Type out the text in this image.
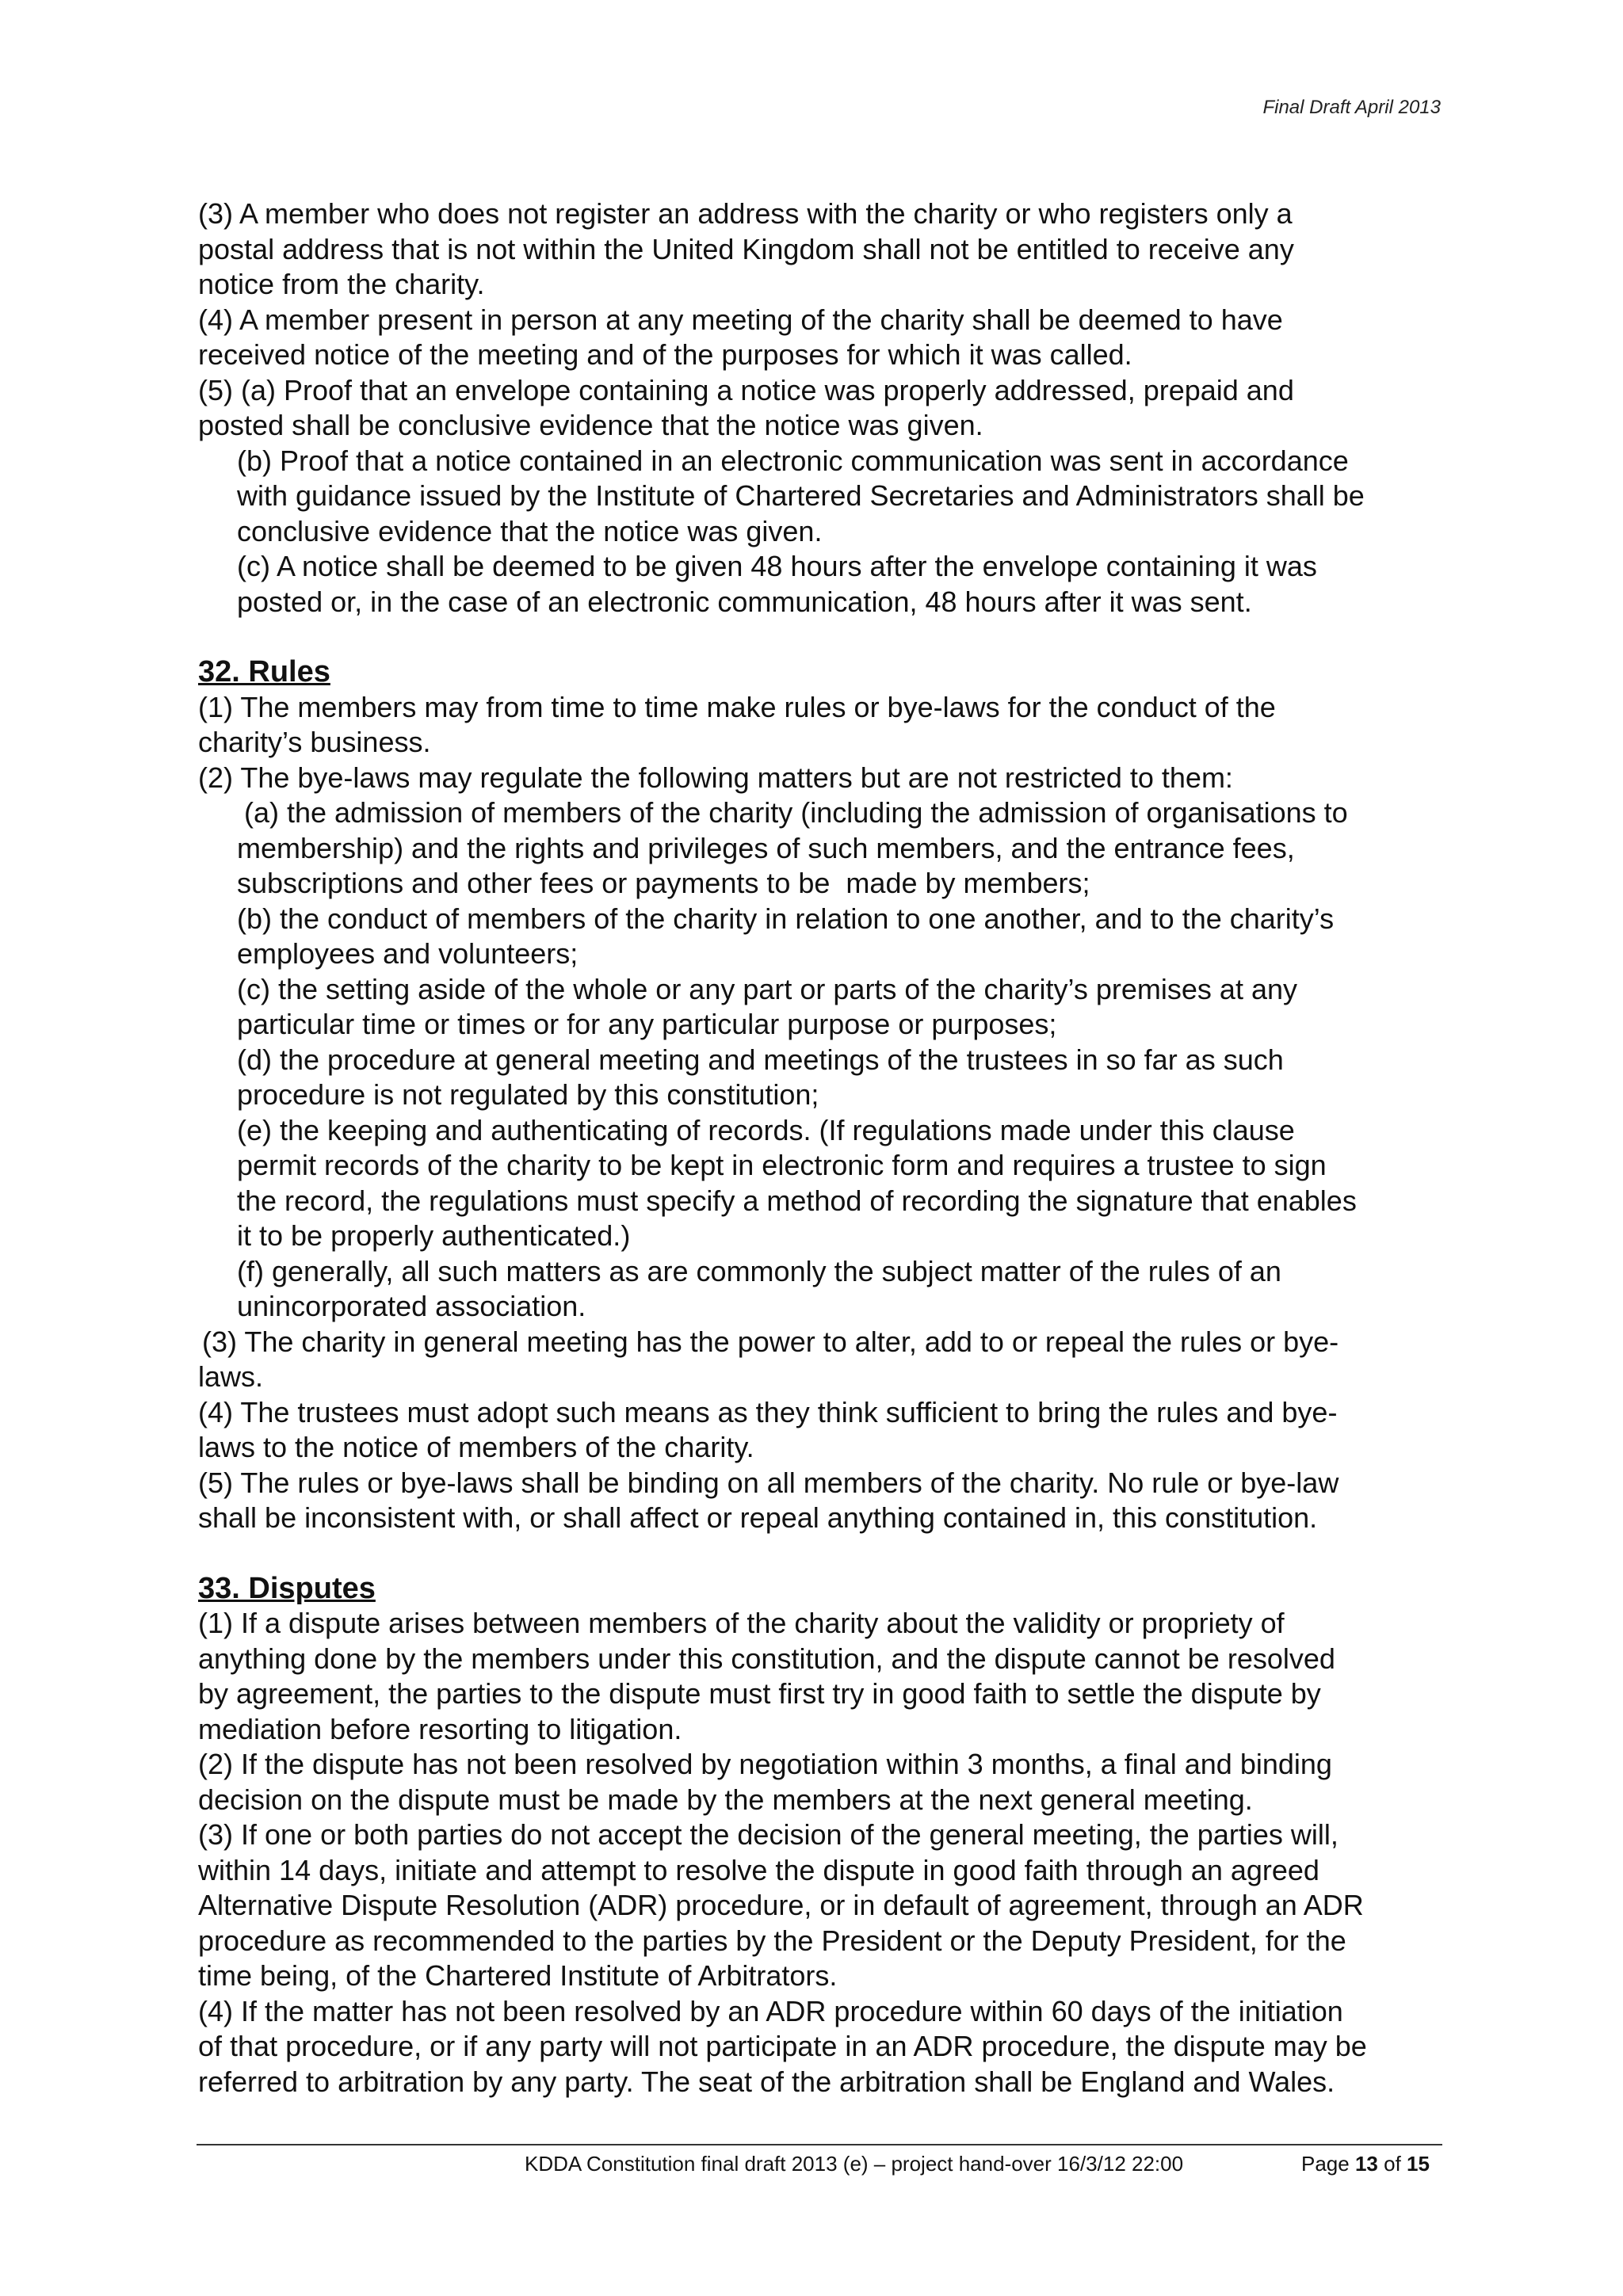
Final Draft April 2013

(3) A member who does not register an address with the charity or who registers only a

postal address that is not within the United Kingdom shall not be entitled to receive any

notice from the charity.

(4) A member present in person at any meeting of the charity shall be deemed to have

received notice of the meeting and of the purposes for which it was called.

(5) (a) Proof that an envelope containing a notice was properly addressed, prepaid and

posted shall be conclusive evidence that the notice was given.

(b) Proof that a notice contained in an electronic communication was sent in accordance

with guidance issued by the Institute of Chartered Secretaries and Administrators shall be

conclusive evidence that the notice was given.

(c) A notice shall be deemed to be given 48 hours after the envelope containing it was

posted or, in the case of an electronic communication, 48 hours after it was sent.

32. Rules

(1) The members may from time to time make rules or bye-laws for the conduct of the

charity’s business.

(2) The bye-laws may regulate the following matters but are not restricted to them:

(a) the admission of members of the charity (including the admission of organisations to

membership) and the rights and privileges of such members, and the entrance fees,

subscriptions and other fees or payments to be  made by members;

(b) the conduct of members of the charity in relation to one another, and to the charity’s

employees and volunteers;

(c) the setting aside of the whole or any part or parts of the charity’s premises at any

particular time or times or for any particular purpose or purposes;

(d) the procedure at general meeting and meetings of the trustees in so far as such

procedure is not regulated by this constitution;

(e) the keeping and authenticating of records. (If regulations made under this clause

permit records of the charity to be kept in electronic form and requires a trustee to sign

the record, the regulations must specify a method of recording the signature that enables

it to be properly authenticated.)

(f) generally, all such matters as are commonly the subject matter of the rules of an

unincorporated association.

(3) The charity in general meeting has the power to alter, add to or repeal the rules or bye-

laws.

(4) The trustees must adopt such means as they think sufficient to bring the rules and bye-

laws to the notice of members of the charity.

(5) The rules or bye-laws shall be binding on all members of the charity. No rule or bye-law

shall be inconsistent with, or shall affect or repeal anything contained in, this constitution.

33. Disputes

(1) If a dispute arises between members of the charity about the validity or propriety of

anything done by the members under this constitution, and the dispute cannot be resolved

by agreement, the parties to the dispute must first try in good faith to settle the dispute by

mediation before resorting to litigation.

(2) If the dispute has not been resolved by negotiation within 3 months, a final and binding

decision on the dispute must be made by the members at the next general meeting.

(3) If one or both parties do not accept the decision of the general meeting, the parties will,

within 14 days, initiate and attempt to resolve the dispute in good faith through an agreed

Alternative Dispute Resolution (ADR) procedure, or in default of agreement, through an ADR

procedure as recommended to the parties by the President or the Deputy President, for the

time being, of the Chartered Institute of Arbitrators.

(4) If the matter has not been resolved by an ADR procedure within 60 days of the initiation

of that procedure, or if any party will not participate in an ADR procedure, the dispute may be

referred to arbitration by any party. The seat of the arbitration shall be England and Wales.

KDDA Constitution final draft 2013 (e) – project hand-over 16/3/12 22:00	Page 13 of 15
